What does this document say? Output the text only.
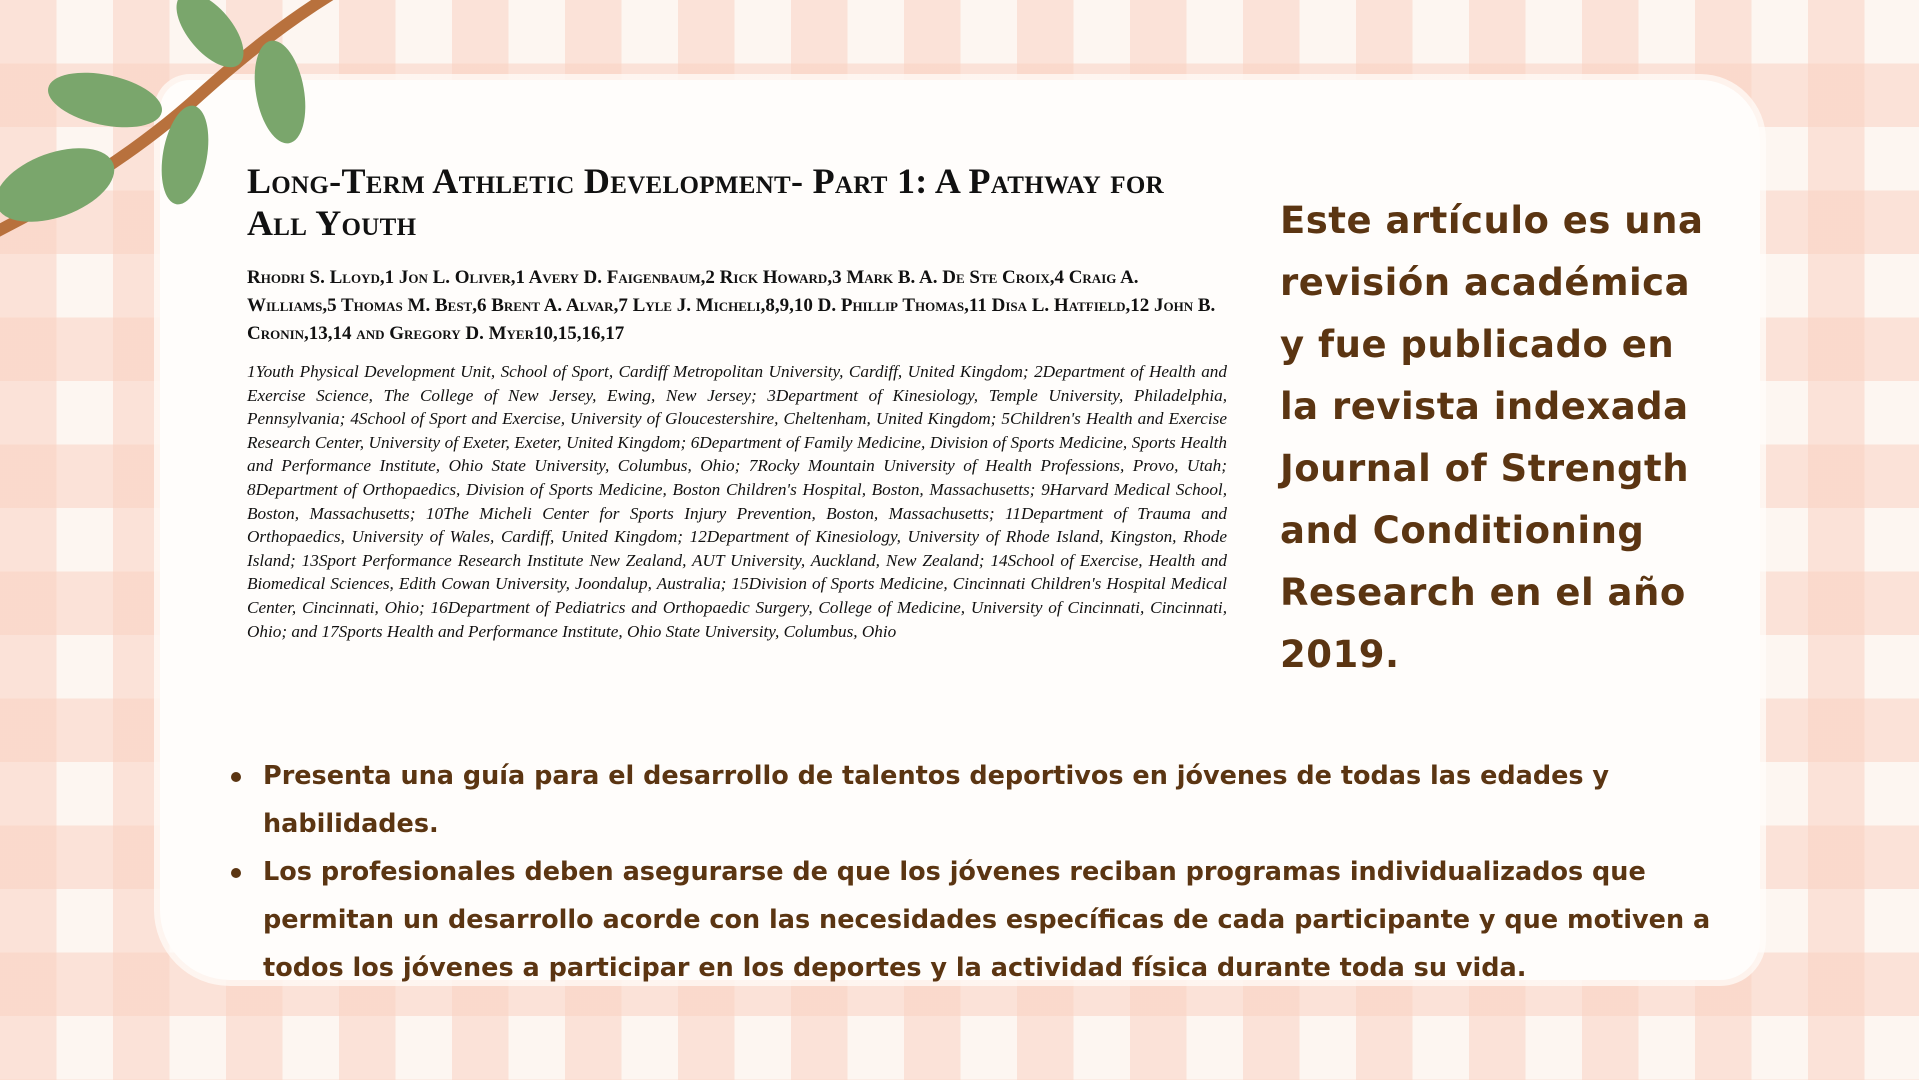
Long-Term Athletic Development- Part 1: A Pathway for All Youth

Rhodri S. Lloyd,1 Jon L. Oliver,1 Avery D. Faigenbaum,2 Rick Howard,3 Mark B. A. De Ste Croix,4 Craig A. Williams,5 Thomas M. Best,6 Brent A. Alvar,7 Lyle J. Micheli,8,9,10 D. Phillip Thomas,11 Disa L. Hatfield,12 John B. Cronin,13,14 and Gregory D. Myer10,15,16,17

1Youth Physical Development Unit, School of Sport, Cardiff Metropolitan University, Cardiff, United Kingdom; 2Department of Health and Exercise Science, The College of New Jersey, Ewing, New Jersey; 3Department of Kinesiology, Temple University, Philadelphia, Pennsylvania; 4School of Sport and Exercise, University of Gloucestershire, Cheltenham, United Kingdom; 5Children's Health and Exercise Research Center, University of Exeter, Exeter, United Kingdom; 6Department of Family Medicine, Division of Sports Medicine, Sports Health and Performance Institute, Ohio State University, Columbus, Ohio; 7Rocky Mountain University of Health Professions, Provo, Utah; 8Department of Orthopaedics, Division of Sports Medicine, Boston Children's Hospital, Boston, Massachusetts; 9Harvard Medical School, Boston, Massachusetts; 10The Micheli Center for Sports Injury Prevention, Boston, Massachusetts; 11Department of Trauma and Orthopaedics, University of Wales, Cardiff, United Kingdom; 12Department of Kinesiology, University of Rhode Island, Kingston, Rhode Island; 13Sport Performance Research Institute New Zealand, AUT University, Auckland, New Zealand; 14School of Exercise, Health and Biomedical Sciences, Edith Cowan University, Joondalup, Australia; 15Division of Sports Medicine, Cincinnati Children's Hospital Medical Center, Cincinnati, Ohio; 16Department of Pediatrics and Orthopaedic Surgery, College of Medicine, University of Cincinnati, Cincinnati, Ohio; and 17Sports Health and Performance Institute, Ohio State University, Columbus, Ohio

Este artículo es una revisión académica y fue publicado en la revista indexada Journal of Strength and Conditioning Research en el año 2019.
Presenta una guía para el desarrollo de talentos deportivos en jóvenes de todas las edades y habilidades.
Los profesionales deben asegurarse de que los jóvenes reciban programas individualizados que permitan un desarrollo acorde con las necesidades específicas de cada participante y que motiven a todos los jóvenes a participar en los deportes y la actividad física durante toda su vida.
